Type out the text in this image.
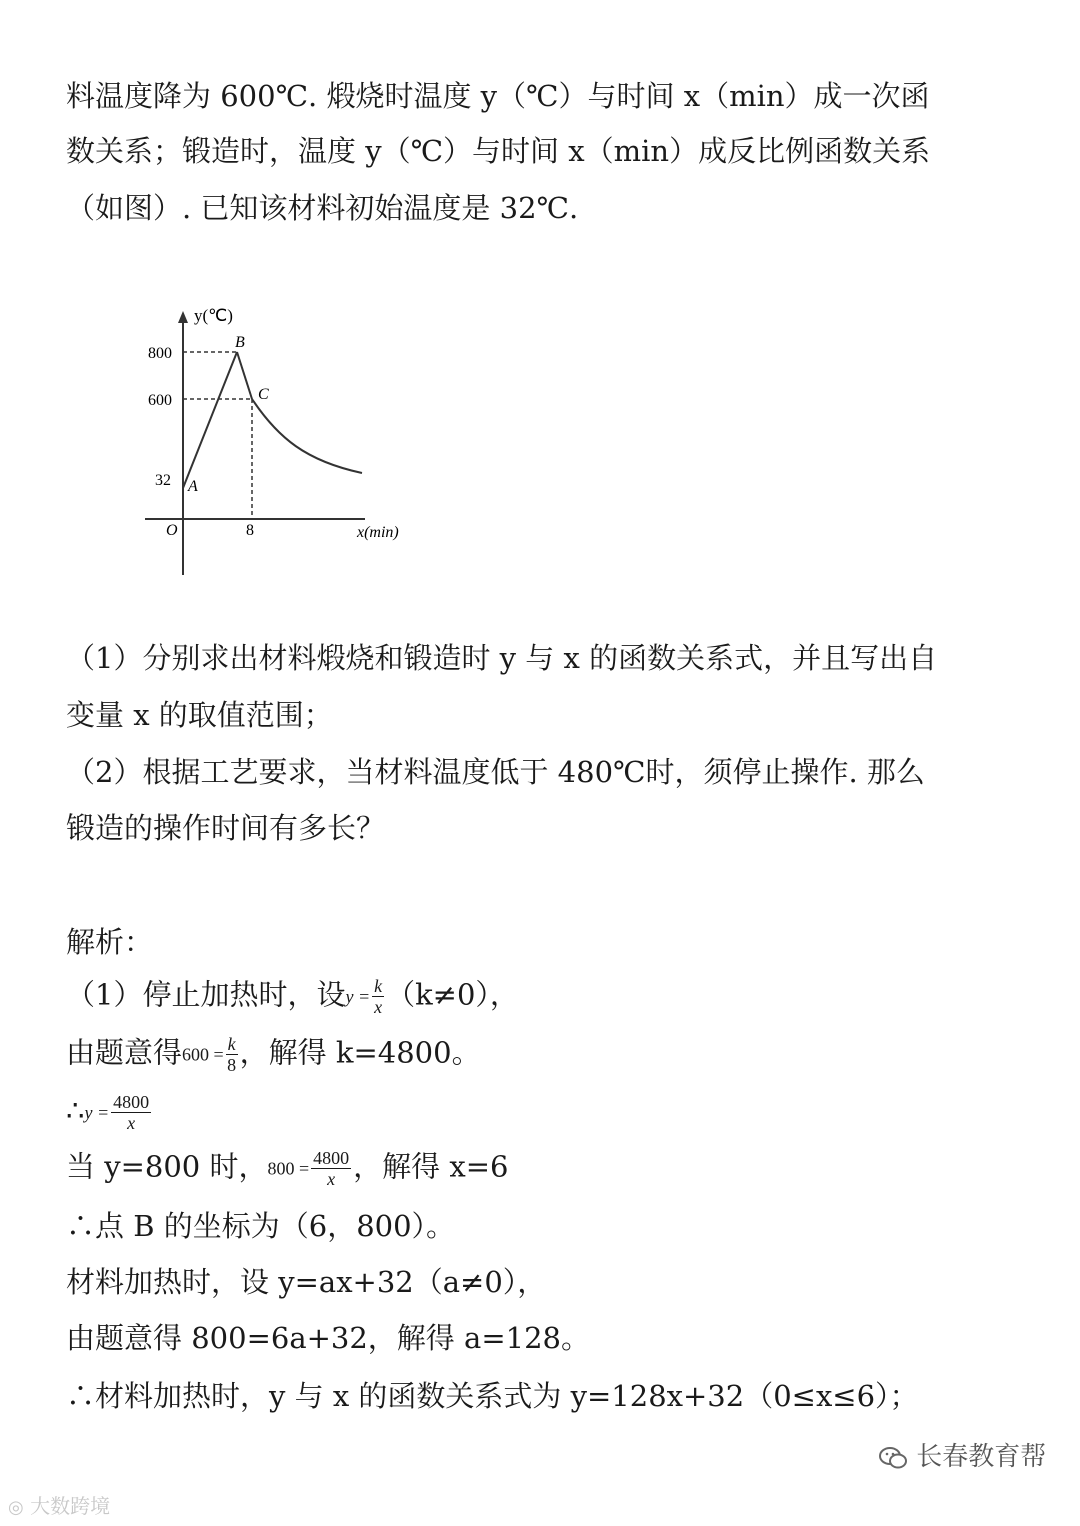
料温度降为 600℃. 煅烧时温度 y（℃）与时间 x（min）成一次函
数关系；锻造时，温度 y（℃）与时间 x（min）成反比例函数关系
（如图）. 已知该材料初始温度是 32℃.
y(℃)
800
600
32 A
B
C
O	8	x(min)
（1）分别求出材料煅烧和锻造时 y 与 x 的函数关系式，并且写出自
变量 x 的取值范围；
（2）根据工艺要求，当材料温度低于 480℃时，须停止操作. 那么
锻造的操作时间有多长？
解析：
（1）停止加热时，设$y = \frac{k}{x} (k\ne 0)$，
由题意得$600 = \frac{k}{8}$ ，解得 k=4800。
∴y = $\frac{4800}{x}$
当 y=800 时，$800 = \frac{4800}{x}$ ，解得 x=6
∴点 B 的坐标为（6，800）。
材料加热时，设 y=ax+32（a≠0），
由题意得 800=6a+32，解得 a=128。
∴材料加热时，y 与 x 的函数关系式为 y=128x+32（0≤x≤6）；
◎ 大数跨境
长春教育帮
